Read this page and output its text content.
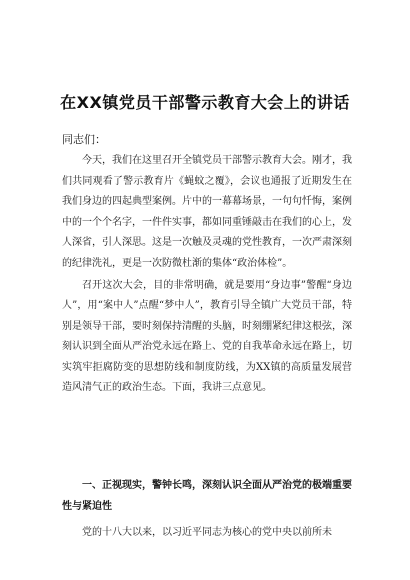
在XX镇党员干部警示教育大会上的讲话
同志们：

今天，我们在这里召开全镇党员干部警示教育大会。刚才，我们共同观看了警示教育片《蝇蚊之覆》，会议也通报了近期发生在我们身边的四起典型案例。片中的一幕幕场景，一句句忏悔，案例中的一个个名字，一件件实事，都如同重锤敲击在我们的心上，发人深省，引人深思。这是一次触及灵魂的党性教育，一次严肃深刻的纪律洗礼，更是一次防微杜渐的集体“政治体检”。

召开这次大会，目的非常明确，就是要用“身边事”警醒“身边人”，用“案中人”点醒“梦中人”，教育引导全镇广大党员干部，特别是领导干部，要时刻保持清醒的头脑，时刻绷紧纪律这根弦，深刻认识到全面从严治党永远在路上、党的自我革命永远在路上，切实筑牢拒腐防变的思想防线和制度防线，为XX镇的高质量发展营造风清气正的政治生态。下面，我讲三点意见。

一、正视现实，警钟长鸣，深刻认识全面从严治党的极端重要性与紧迫性
党的十八大以来，以习近平同志为核心的党中央以前所未
